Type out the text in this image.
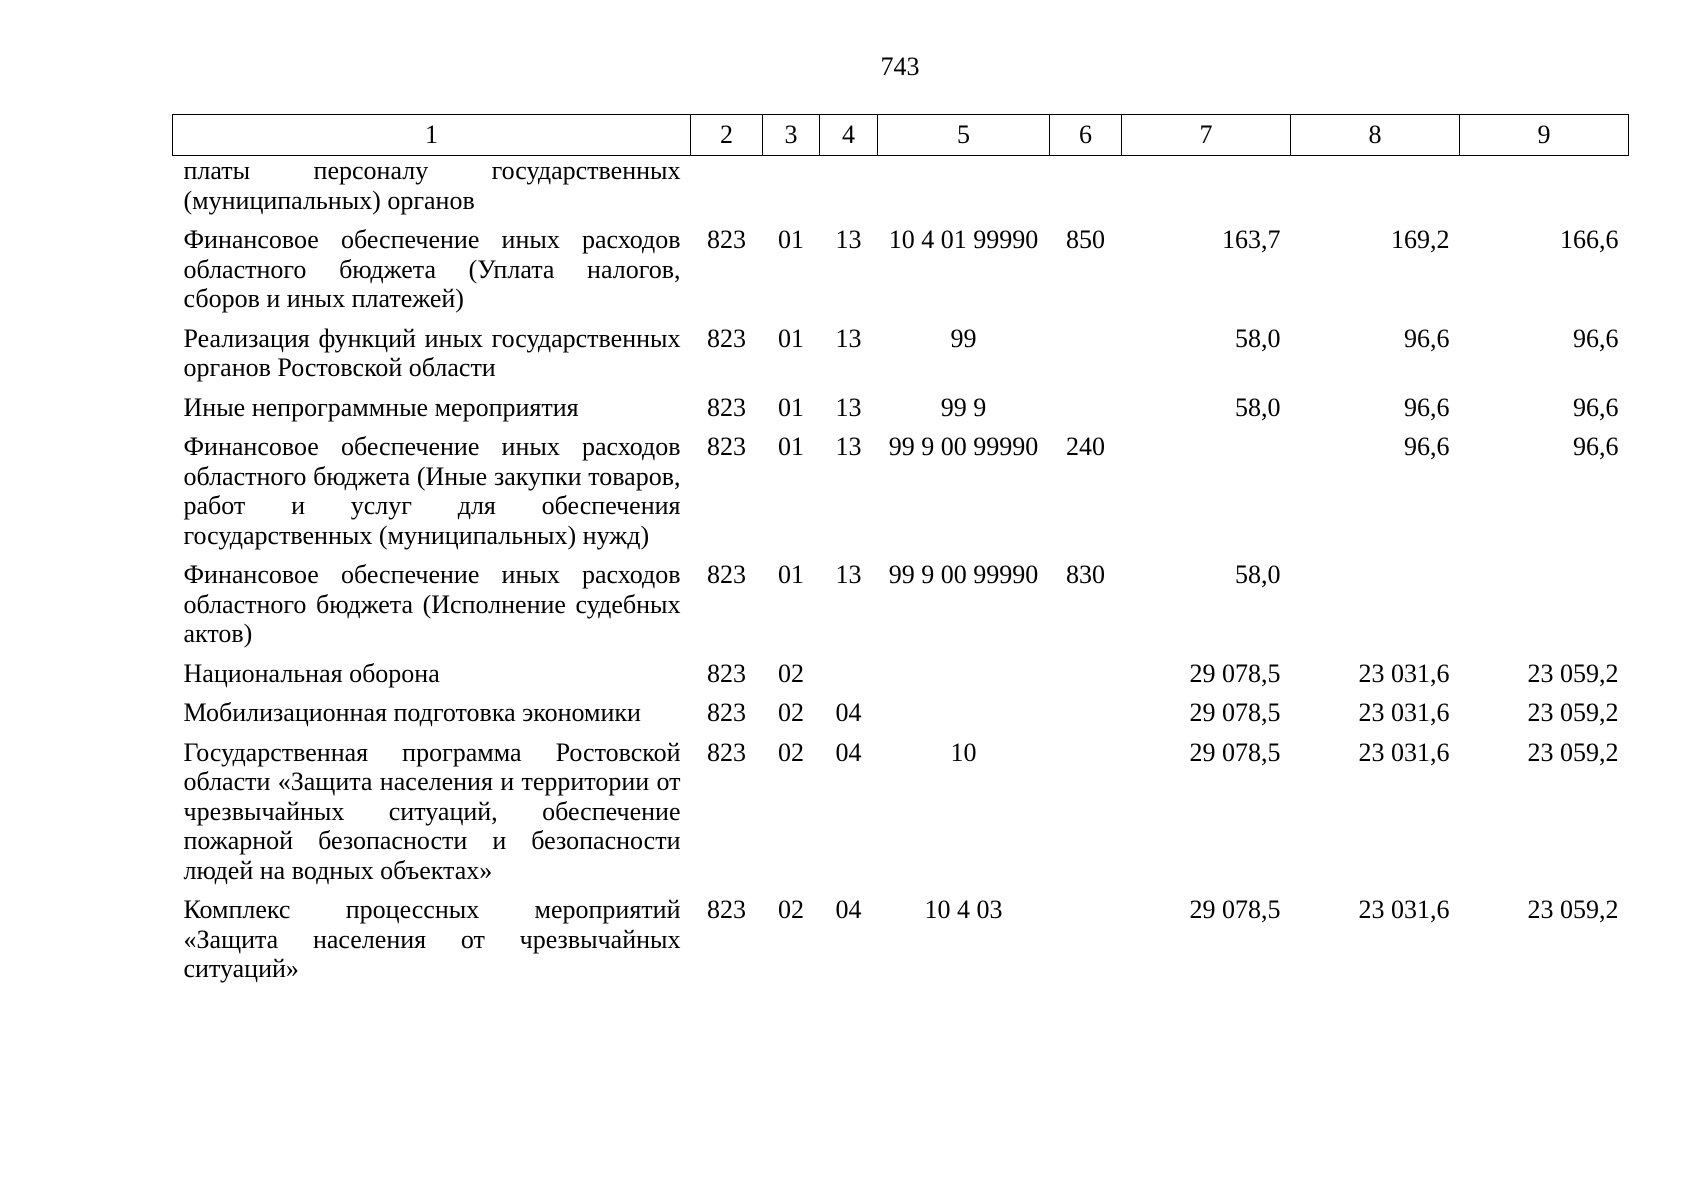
743
1	2	3	4	5	6	7	8	9
платы персоналу государственных (муниципальных) органов								
Финансовое обеспечение иных расходов областного бюджета (Уплата налогов, сборов и иных платежей)	823	01	13	10 4 01 99990	850	163,7	169,2	166,6
Реализация функций иных государственных органов Ростовской области	823	01	13	99		58,0	96,6	96,6
Иные непрограммные мероприятия	823	01	13	99 9		58,0	96,6	96,6
Финансовое обеспечение иных расходов областного бюджета (Иные закупки товаров, работ и услуг для обеспечения государственных (муниципальных) нужд)	823	01	13	99 9 00 99990	240		96,6	96,6
Финансовое обеспечение иных расходов областного бюджета (Исполнение судебных актов)	823	01	13	99 9 00 99990	830	58,0		
Национальная оборона	823	02				29 078,5	23 031,6	23 059,2
Мобилизационная подготовка экономики	823	02	04			29 078,5	23 031,6	23 059,2
Государственная программа Ростовской области «Защита населения и территории от чрезвычайных ситуаций, обеспечение пожарной безопасности и безопасности людей на водных объектах»	823	02	04	10		29 078,5	23 031,6	23 059,2
Комплекс процессных мероприятий «Защита населения от чрезвычайных ситуаций»	823	02	04	10 4 03		29 078,5	23 031,6	23 059,2
